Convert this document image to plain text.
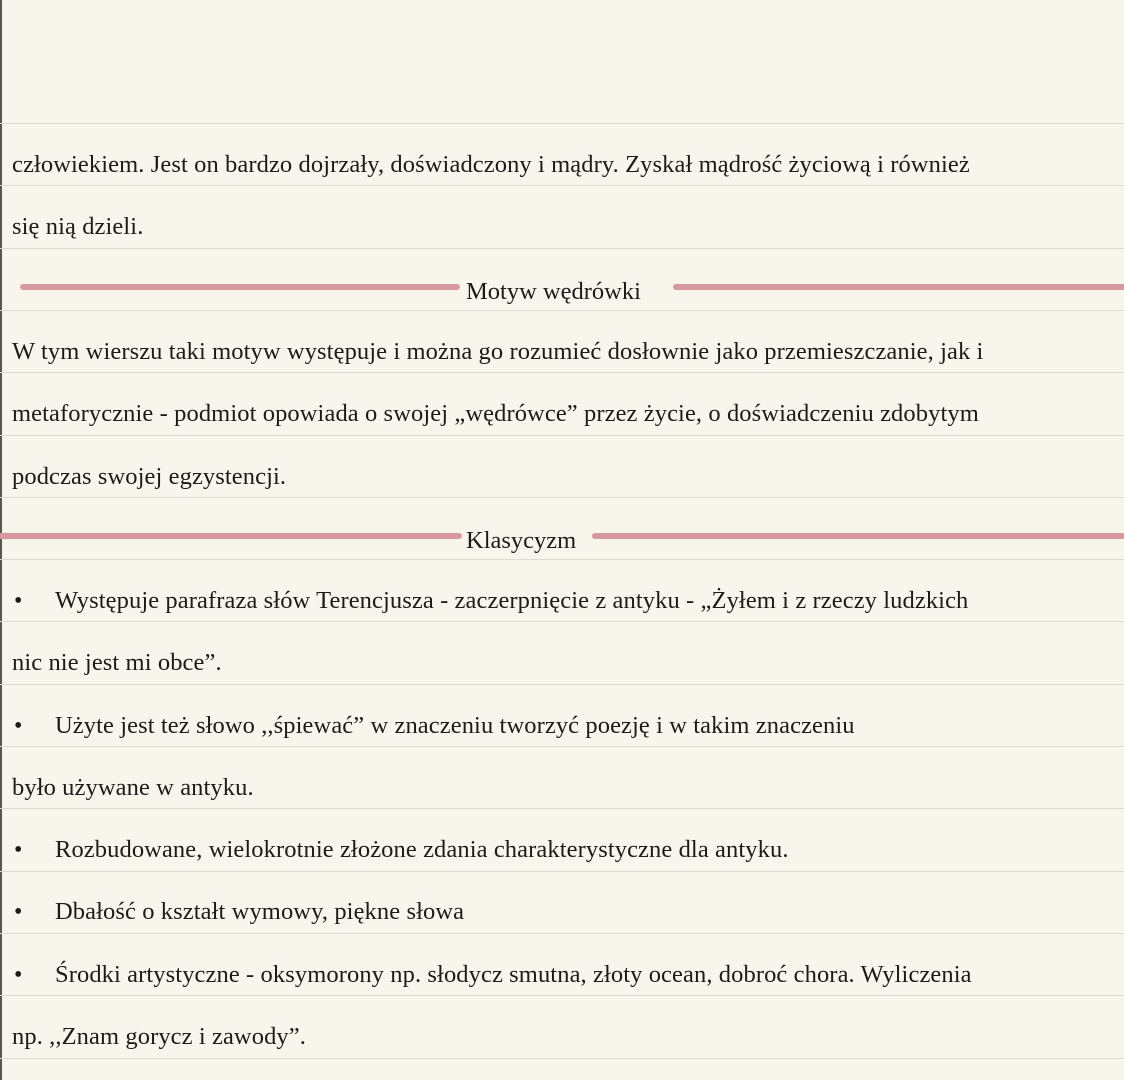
człowiekiem. Jest on bardzo dojrzały, doświadczony i mądry. Zyskał mądrość życiową i również
się nią dzieli.
Motyw wędrówki
W tym wierszu taki motyw występuje i można go rozumieć dosłownie jako przemieszczanie, jak i
metaforycznie - podmiot opowiada o swojej „wędrówce” przez życie, o doświadczeniu zdobytym
podczas swojej egzystencji.
Klasycyzm
• Występuje parafraza słów Terencjusza - zaczerpnięcie z antyku - „Żyłem i z rzeczy ludzkich
nic nie jest mi obce”.
• Użyte jest też słowo ,,śpiewać” w znaczeniu tworzyć poezję i w takim znaczeniu
było używane w antyku.
• Rozbudowane, wielokrotnie złożone zdania charakterystyczne dla antyku.
• Dbałość o kształt wymowy, piękne słowa
• Środki artystyczne - oksymorony np. słodycz smutna, złoty ocean, dobroć chora. Wyliczenia
np. ,,Znam gorycz i zawody”.
